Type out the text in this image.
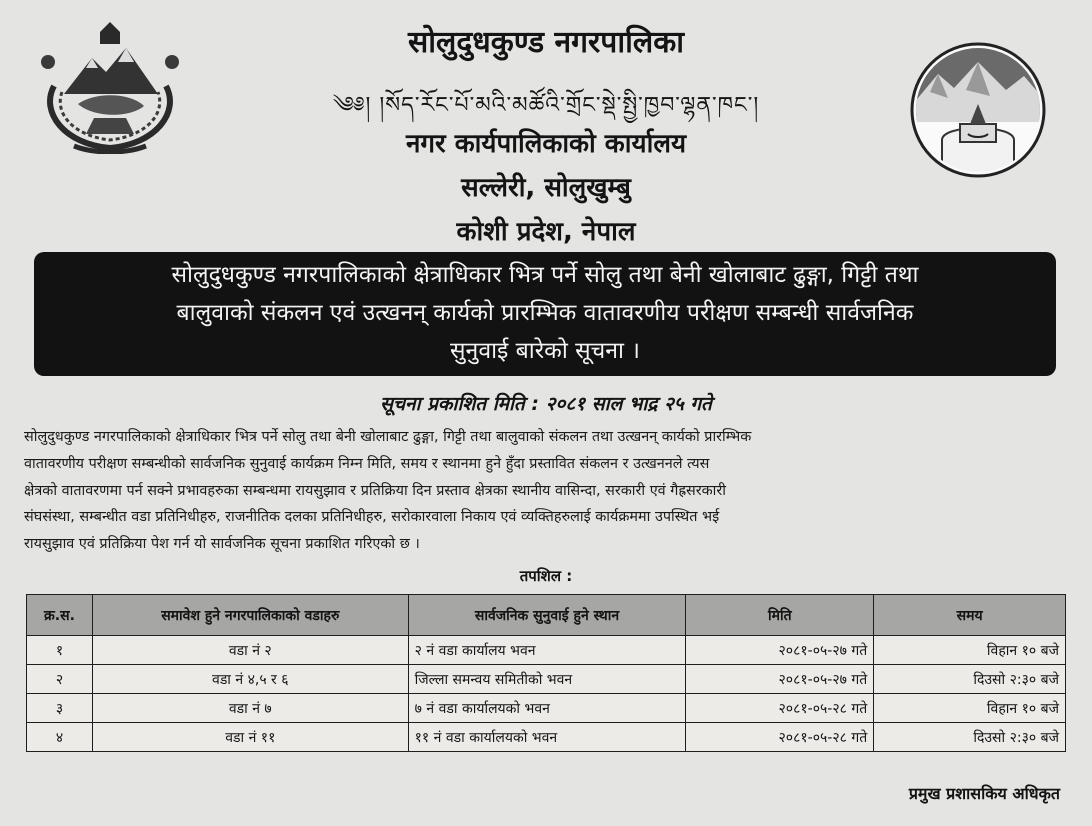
सोलुदुधकुण्ड नगरपालिका
༄༅། །སོད་རོང་པོ་མའི་མཚོའི་གྲོང་སྡེ་སྤྱི་ཁྱབ་ལྷན་ཁང་།
नगर कार्यपालिकाको कार्यालय
सल्लेरी, सोलुखुम्बु
कोशी प्रदेश, नेपाल
सोलुदुधकुण्ड नगरपालिकाको क्षेत्राधिकार भित्र पर्ने सोलु तथा बेनी खोलाबाट ढुङ्गा, गिट्टी तथा
बालुवाको संकलन एवं उत्खनन् कार्यको प्रारम्भिक वातावरणीय परीक्षण सम्बन्धी सार्वजनिक
सुनुवाई बारेको सूचना ।
सूचना प्रकाशित मिति : २०८१ साल भाद्र २५ गते
सोलुदुधकुण्ड नगरपालिकाको क्षेत्राधिकार भित्र पर्ने सोलु तथा बेनी खोलाबाट ढुङ्गा, गिट्टी तथा बालुवाको संकलन तथा उत्खनन् कार्यको प्रारम्भिक
वातावरणीय परीक्षण सम्बन्धीको सार्वजनिक सुनुवाई कार्यक्रम निम्न मिति, समय र स्थानमा हुने हुँदा प्रस्तावित संकलन र उत्खननले त्यस
क्षेत्रको वातावरणमा पर्न सक्ने प्रभावहरुका सम्बन्धमा रायसुझाव र प्रतिक्रिया दिन प्रस्ताव क्षेत्रका स्थानीय वासिन्दा, सरकारी एवं गैह्रसरकारी
संघसंस्था, सम्बन्धीत वडा प्रतिनिधीहरु, राजनीतिक दलका प्रतिनिधीहरु, सरोकारवाला निकाय एवं व्यक्तिहरुलाई कार्यक्रममा उपस्थित भई
रायसुझाव एवं प्रतिक्रिया पेश गर्न यो सार्वजनिक सूचना प्रकाशित गरिएको छ ।
तपशिल :
क्र.स.	समावेश हुने नगरपालिकाको वडाहरु	सार्वजनिक सुनुवाई हुने स्थान	मिति	समय
१	वडा नं २	२ नं वडा कार्यालय भवन	२०८१-०५-२७ गते	विहान १० बजे
२	वडा नं ४,५ र ६	जिल्ला समन्वय समितीको भवन	२०८१-०५-२७ गते	दिउसो २:३० बजे
३	वडा नं ७	७ नं वडा कार्यालयको भवन	२०८१-०५-२८ गते	विहान १० बजे
४	वडा नं ११	११ नं वडा कार्यालयको भवन	२०८१-०५-२८ गते	दिउसो २:३० बजे
प्रमुख प्रशासकिय अधिकृत
